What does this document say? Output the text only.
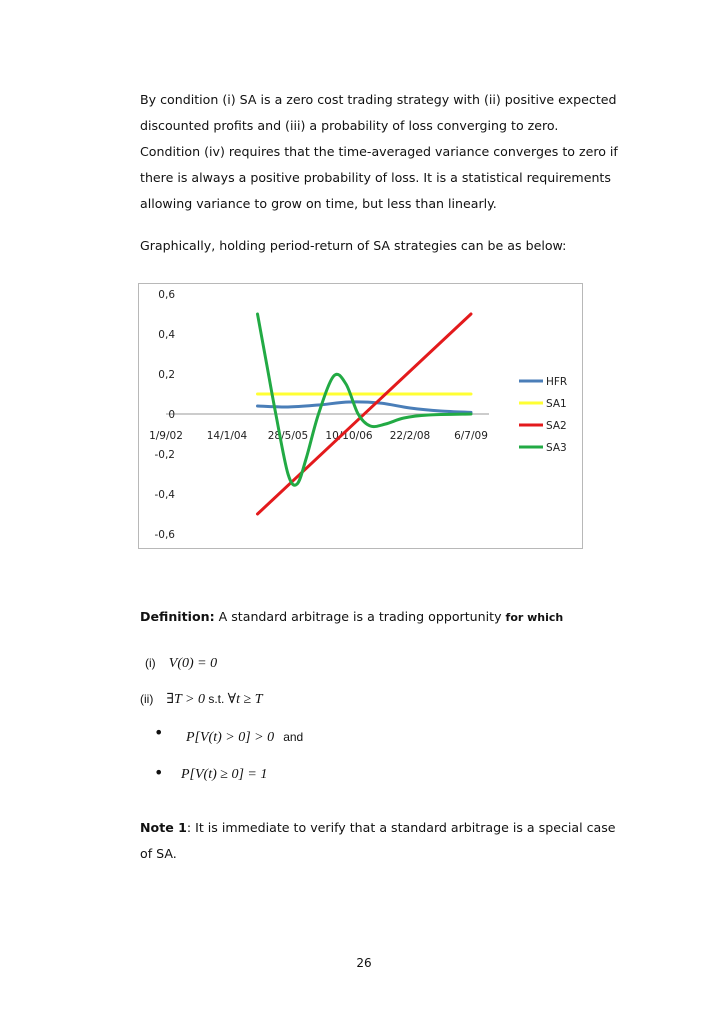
By condition (i) SA is a zero cost trading strategy with (ii) positive expected
discounted profits and (iii) a probability of loss converging to zero.
Condition (iv) requires that the time-averaged variance converges to zero if
there is always a positive probability of loss. It is a statistical requirements
allowing variance to grow on time, but less than linearly.
Graphically, holding period-return of SA strategies can be as below:
0,6
0,4
0,2
0
-0,2
-0,4
-0,6
1/9/02 14/1/04 28/5/05 10/10/06 22/2/08 6/7/09
HFR
SA1
SA2
SA3
Definition: A standard arbitrage is a trading opportunity for which
(i) V(0) = 0
(ii) ∃T > 0 s.t. ∀t ≥ T
• P[V(t) > 0] > 0 and
• P[V(t) ≥ 0] = 1
Note 1: It is immediate to verify that a standard arbitrage is a special case
of SA.
26
